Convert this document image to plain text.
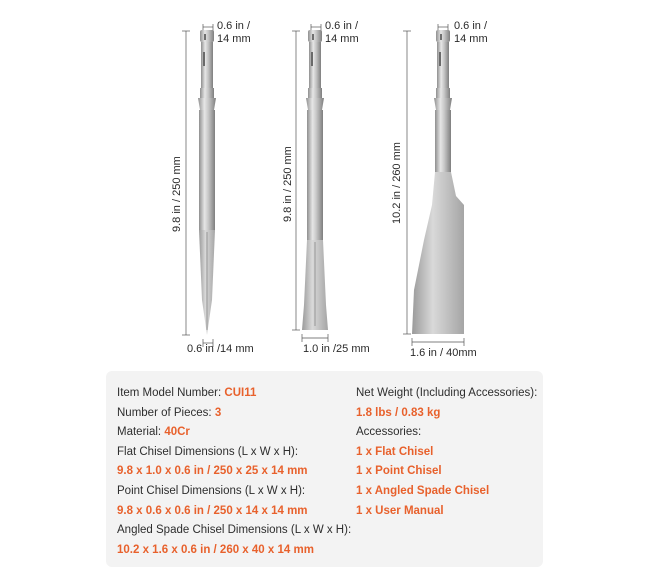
0.6 in /
14 mm
9.8 in / 250 mm
0.6 in /14 mm
0.6 in /
14 mm
9.8 in / 250 mm
1.0 in /25 mm
0.6 in /
14 mm
10.2 in / 260 mm
1.6 in / 40mm
Item Model Number: CUI11
Number of Pieces: 3
Material: 40Cr
Flat Chisel Dimensions (L x W x H):
9.8 x 1.0 x 0.6 in / 250 x 25 x 14 mm
Point Chisel Dimensions (L x W x H):
9.8 x 0.6 x 0.6 in / 250 x 14 x 14 mm
Angled Spade Chisel Dimensions (L x W x H):
10.2 x 1.6 x 0.6 in / 260 x 40 x 14 mm
Net Weight (Including Accessories):
1.8 lbs / 0.83 kg
Accessories:
1 x Flat Chisel
1 x Point Chisel
1 x Angled Spade Chisel
1 x User Manual
